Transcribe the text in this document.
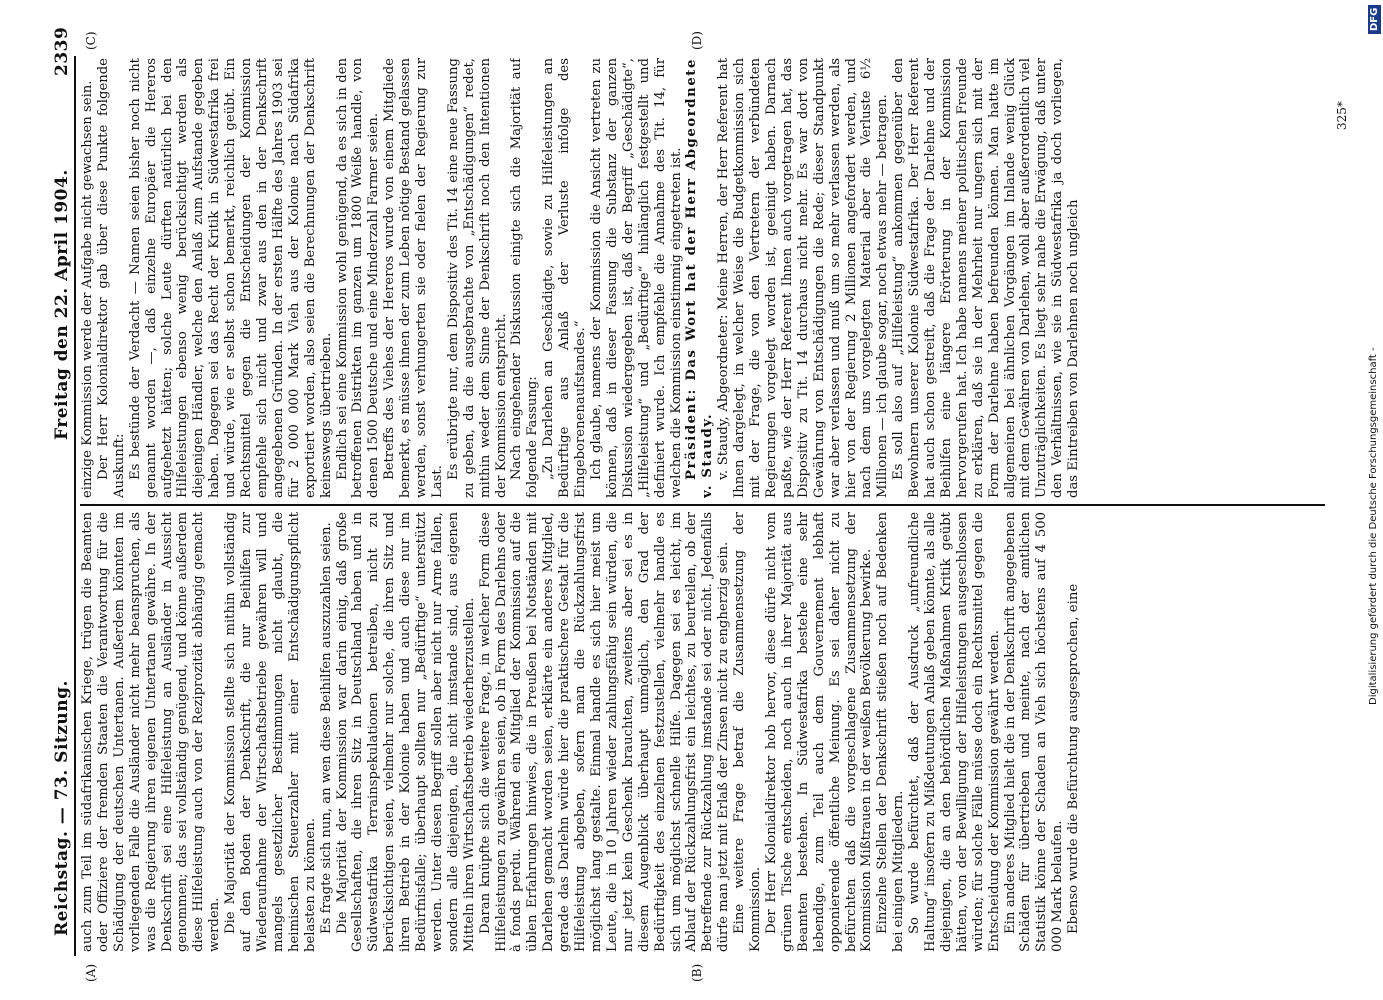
Reichstag. — 73. Sitzung.
Freitag den 22. April 1904.
2339
(A)	(B)
(C)	(D)

auch zum Teil im südafrikanischen Kriege, trügen die Beamten oder Offiziere der fremden Staaten die Verantwortung für die Schädigung der deutschen Untertanen. Außerdem könnten im vorliegenden Falle die Ausländer nicht mehr beanspruchen, als was die Regierung ihren eigenen Untertanen gewähre. In der Denkschrift sei eine Hilfeleistung an Ausländer in Aussicht genommen; das sei vollständig genügend, und könne außerdem diese Hilfeleistung auch von der Reziprozität abhängig gemacht werden. Die Majorität der Kommission stellte sich mithin vollständig auf den Boden der Denkschrift, die nur Beihilfen zur Wiederaufnahme der Wirtschaftsbetriebe gewähren will und mangels gesetzlicher Bestimmungen nicht glaubt, die heimischen Steuerzahler mit einer Entschädigungspflicht belasten zu können. Es fragte sich nun, an wen diese Beihilfen auszuzahlen seien. Die Majorität der Kommission war darin einig, daß große Gesellschaften, die ihren Sitz in Deutschland haben und in Südwestafrika Terrainspekulationen betreiben, nicht zu berücksichtigen seien, vielmehr nur solche, die ihren Sitz und ihren Betrieb in der Kolonie haben und auch diese nur im Bedürfnisfalle; überhaupt sollten nur „Bedürftige“ unterstützt werden. Unter diesen Begriff sollen aber nicht nur Arme fallen, sondern alle diejenigen, die nicht imstande sind, aus eigenen Mitteln ihren Wirtschaftsbetrieb wiederherzustellen. Daran knüpfte sich die weitere Frage, in welcher Form diese Hilfeleistungen zu gewähren seien, ob in Form des Darlehns oder à fonds perdu. Während ein Mitglied der Kommission auf die üblen Erfahrungen hinwies, die in Preußen bei Notständen mit Darlehen gemacht worden seien, erklärte ein anderes Mitglied, gerade das Darlehn würde hier die praktischere Gestalt für die Hilfeleistung abgeben, sofern man die Rückzahlungsfrist möglichst lang gestalte. Einmal handle es sich hier meist um Leute, die in 10 Jahren wieder zahlungsfähig sein würden, die nur jetzt kein Geschenk brauchten, zweitens aber sei es in diesem Augenblick überhaupt unmöglich, den Grad der Bedürftigkeit des einzelnen festzustellen, vielmehr handle es sich um möglichst schnelle Hilfe. Dagegen sei es leicht, im Ablauf der Rückzahlungsfrist ein leichtes, zu beurteilen, ob der Betreffende zur Rückzahlung imstande sei oder nicht. Jedenfalls dürfe man jetzt mit Erlaß der Zinsen nicht zu engherzig sein. Eine weitere Frage betraf die Zusammensetzung der Kommission. Der Herr Kolonialdirektor hob hervor, diese dürfe nicht vom grünen Tische entscheiden, noch auch in ihrer Majorität aus Beamten bestehen. In Südwestafrika bestehe eine sehr lebendige, zum Teil auch dem Gouvernement lebhaft opponierende öffentliche Meinung. Es sei daher nicht zu befürchten daß die vorgeschlagene Zusammensetzung der Kommission Mißtrauen in der weißen Bevölkerung bewirke. Einzelne Stellen der Denkschrift stießen noch auf Bedenken bei einigen Mitgliedern. So wurde befürchtet, daß der Ausdruck „unfreundliche Haltung“ insofern zu Mißdeutungen Anlaß geben könnte, als alle diejenigen, die an den behördlichen Maßnahmen Kritik geübt hätten, von der Bewilligung der Hilfeleistungen ausgeschlossen würden; für solche Fälle müsse doch ein Rechtsmittel gegen die Entscheidung der Kommission gewährt werden. Ein anderes Mitglied hielt die in der Denkschrift angegebenen Schäden für übertrieben und meinte, nach der amtlichen Statistik könne der Schaden an Vieh sich höchstens auf 4 500 000 Mark belaufen. Ebenso wurde die Befürchtung ausgesprochen, eine

einzige Kommission werde der Aufgabe nicht gewachsen sein. Der Herr Kolonialdirektor gab über diese Punkte folgende Auskunft: Es bestünde der Verdacht — Namen seien bisher noch nicht genannt worden —, daß einzelne Europäer die Hereros aufgehetzt hätten; solche Leute dürften natürlich bei den Hilfeleistungen ebenso wenig berücksichtigt werden als diejenigen Händler, welche den Anlaß zum Aufstande gegeben haben. Dagegen sei das Recht der Kritik in Südwestafrika frei und würde, wie er selbst schon bemerkt, reichlich geübt. Ein Rechtsmittel gegen die Entscheidungen der Kommission empfehle sich nicht und zwar aus den in der Denkschrift angegebenen Gründen. In der ersten Hälfte des Jahres 1903 sei für 2 000 000 Mark Vieh aus der Kolonie nach Südafrika exportiert worden, also seien die Berechnungen der Denkschrift keineswegs übertrieben. Endlich sei eine Kommission wohl genügend, da es sich in den betroffenen Distrikten im ganzen um 1800 Weiße handle, von denen 1500 Deutsche und eine Minderzahl Farmer seien. Betreffs des Viehes der Hereros wurde von einem Mitgliede bemerkt, es müsse ihnen der zum Leben nötige Bestand gelassen werden, sonst verhungerten sie oder fielen der Regierung zur Last.

Es erübrigte nur, dem Dispositiv des Tit. 14 eine neue Fassung zu geben, da die ausgebrachte von „Entschädigungen“ redet, mithin weder dem Sinne der Denkschrift noch den Intentionen der Kommission entspricht. Nach eingehender Diskussion einigte sich die Majorität auf folgende Fassung: „Zu Darlehen an Geschädigte, sowie zu Hilfeleistungen an Bedürftige aus Anlaß der Verluste infolge des Eingeborenenaufstandes.“ Ich glaube, namens der Kommission die Ansicht vertreten zu können, daß in dieser Fassung die Substanz der ganzen Diskussion wiedergegeben ist, daß der Begriff „Geschädigte“, „Hilfeleistung“ und „Bedürftige“ hinlänglich festgestellt und definiert wurde. Ich empfehle die Annahme des Tit. 14, für welchen die Kommission einstimmig eingetreten ist. Präsident: Das Wort hat der Herr Abgeordnete v. Staudy. v. Staudy, Abgeordneter: Meine Herren, der Herr Referent hat Ihnen dargelegt, in welcher Weise die Budgetkommission sich mit der Frage, die von den Vertretern der verbündeten Regierungen vorgelegt worden ist, geeinigt haben. Darnach paßte, wie der Herr Referent Ihnen auch vorgetragen hat, das Dispositiv zu Tit. 14 durchaus nicht mehr. Es war dort von Gewährung von Entschädigungen die Rede; dieser Standpunkt war aber verlassen und muß um so mehr verlassen werden, als hier von der Regierung 2 Millionen angefordert werden, und nach dem uns vorgelegten Material aber die Verluste 6½ Millionen — ich glaube sogar, noch etwas mehr — betragen. Es soll also auf „Hilfeleistung“ ankommen gegenüber den Bewohnern unserer Kolonie Südwestafrika. Der Herr Referent hat auch schon gestreift, daß die Frage der Darlehne und der Beihilfen eine längere Erörterung in der Kommission hervorgerufen hat. Ich habe namens meiner politischen Freunde zu erklären, daß sie in der Mehrheit nur ungern sich mit der Form der Darlehne haben befreunden können. Man hatte im allgemeinen bei ähnlichen Vorgängen im Inlande wenig Glück mit dem Gewähren von Darlehen, wohl aber außerordentlich viel Unzuträglichkeiten. Es liegt sehr nahe die Erwägung, daß unter den Verhältnissen, wie sie in Südwestafrika ja doch vorliegen, das Eintreiben von Darlehnen noch ungleich

325*
Digitalisierung gefördert durch die Deutsche Forschungsgemeinschaft -
DFG
